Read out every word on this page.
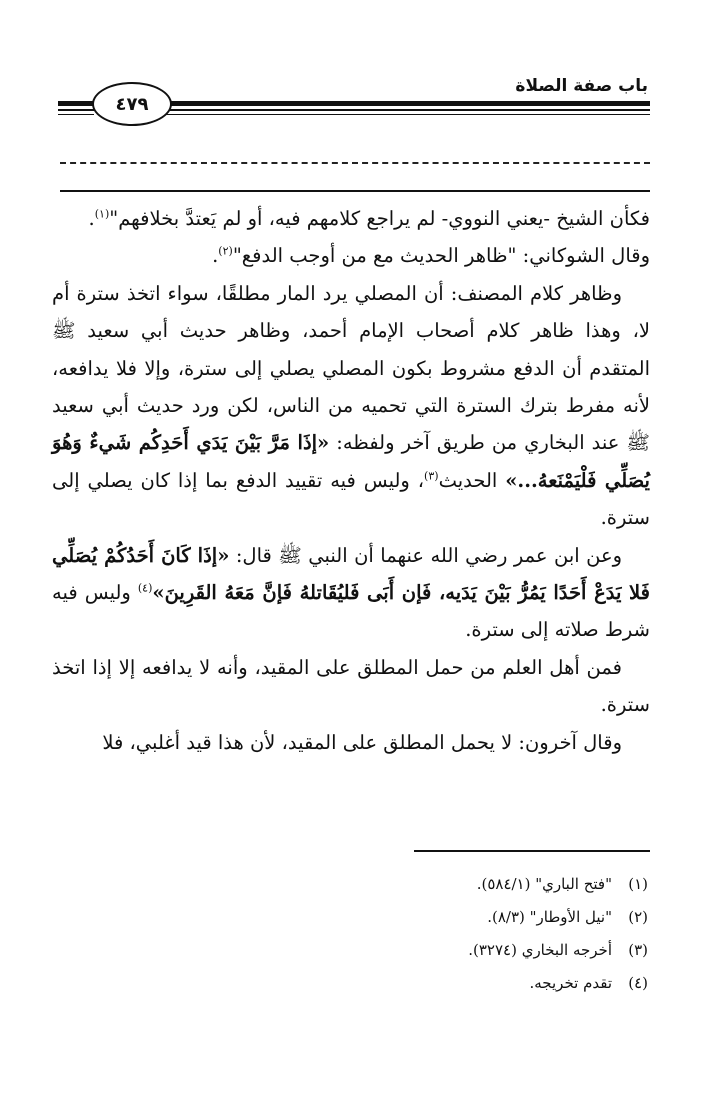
باب صفة الصلاة
٤٧٩

فكأن الشيخ -يعني النووي- لم يراجع كلامهم فيه، أو لم يَعتدَّ بخلافهم"$^{(١)}$.

وقال الشوكاني: "ظاهر الحديث مع من أوجب الدفع"$^{(٢)}$.

وظاهر كلام المصنف: أن المصلي يرد المار مطلقًا، سواء اتخذ سترة أم لا، وهذا ظاهر كلام أصحاب الإمام أحمد، وظاهر حديث أبي سعيد ﷺ المتقدم أن الدفع مشروط بكون المصلي يصلي إلى سترة، وإلا فلا يدافعه، لأنه مفرط بترك السترة التي تحميه من الناس، لكن ورد حديث أبي سعيد ﷺ عند البخاري من طريق آخر ولفظه: «إذَا مَرَّ بَيْنَ يَدَي أَحَدِكُم شَيءٌ وَهُوَ يُصَلِّي فَلْيَمْنَعهُ...» الحديث$^{(٣)}$، وليس فيه تقييد الدفع بما إذا كان يصلي إلى سترة.

وعن ابن عمر رضي الله عنهما أن النبي ﷺ قال: «إذَا كَانَ أَحَدُكُمْ يُصَلِّي فَلا يَدَعْ أَحَدًا يَمُرُّ بَيْنَ يَدَيه، فَإن أَبَى فَليُقَاتلهُ فَإنَّ مَعَهُ القَرِينَ»$^{(٤)}$ وليس فيه شرط صلاته إلى سترة.

فمن أهل العلم من حمل المطلق على المقيد، وأنه لا يدافعه إلا إذا اتخذ سترة.

وقال آخرون: لا يحمل المطلق على المقيد، لأن هذا قيد أغلبي، فلا

(١)"فتح الباري" (٥٨٤/١).

(٢)"نيل الأوطار" (٨/٣).

(٣)أخرجه البخاري (٣٢٧٤).

(٤)تقدم تخريجه.
